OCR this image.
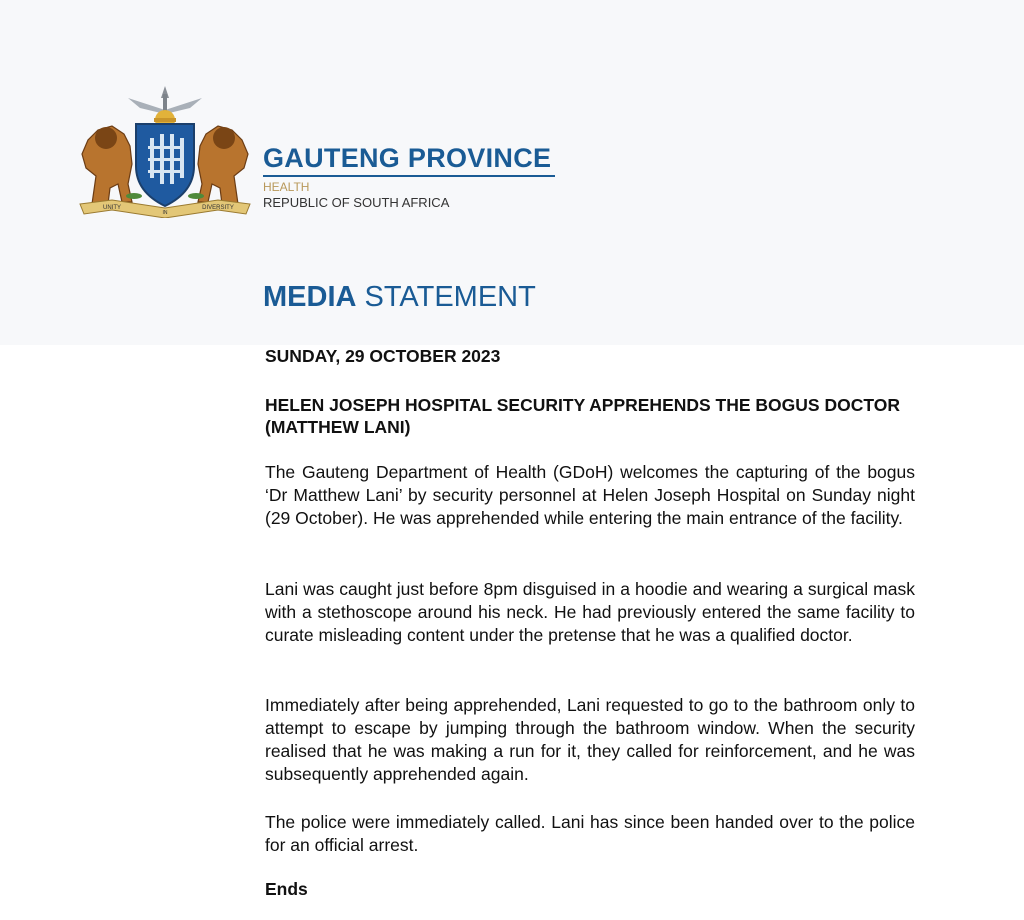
UNITY
IN
DIVERSITY
GAUTENG PROVINCE
HEALTH
REPUBLIC OF SOUTH AFRICA
MEDIA STATEMENT
SUNDAY, 29 OCTOBER 2023
HELEN JOSEPH HOSPITAL SECURITY APPREHENDS THE BOGUS DOCTOR (MATTHEW LANI)
The Gauteng Department of Health (GDoH) welcomes the capturing of the bogus ‘Dr Matthew Lani’ by security personnel at Helen Joseph Hospital on Sunday night (29 October). He was apprehended while entering the main entrance of the facility.
Lani was caught just before 8pm disguised in a hoodie and wearing a surgical mask with a stethoscope around his neck. He had previously entered the same facility to curate misleading content under the pretense that he was a qualified doctor.
Immediately after being apprehended, Lani requested to go to the bathroom only to attempt to escape by jumping through the bathroom window. When the security realised that he was making a run for it, they called for reinforcement, and he was subsequently apprehended again.
The police were immediately called. Lani has since been handed over to the police for an official arrest.
Ends
